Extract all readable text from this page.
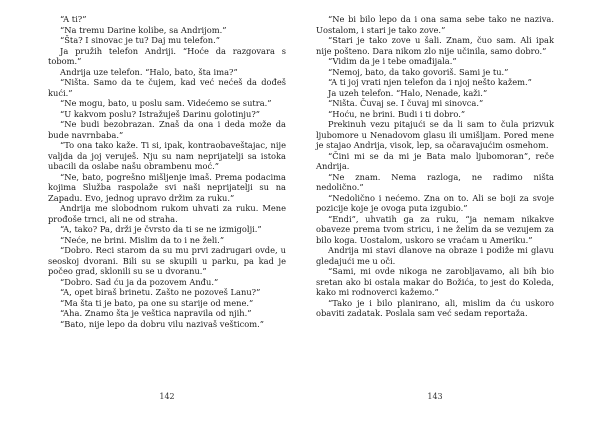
“A ti?”

“Na tremu Darine kolibe, sa Andrijom.”

“Šta? I sinovac je tu? Daj mu telefon.”

Ja pružih telefon Andriji. “Hoće da razgovara s tobom.”

Andrija uze telefon. “Halo, bato, šta ima?”

“Ništa. Samo da te čujem, kad već nećeš da dođeš kući.”

“Ne mogu, bato, u poslu sam. Videćemo se sutra.”

“U kakvom poslu? Istražuješ Darinu golotinju?”

“Ne budi bezobrazan. Znaš da ona i deda može da bude navrnbaba.”

“To ona tako kaže. Ti si, ipak, kontraobaveštajac, nije valjda da joj veruješ. Nju su nam neprijatelji sa istoka ubacili da oslabe našu obrambenu moć.”

“Ne, bato, pogrešno mišljenje imaš. Prema podacima kojima Služba raspolaže svi naši neprijatelji su na Zapadu. Evo, jednog upravo držim za ruku.”

Andrija me slobodnom rukom uhvati za ruku. Mene prođoše trnci, ali ne od straha.

“A, tako? Pa, drži je čvrsto da ti se ne izmigolji.”

“Neće, ne brini. Mislim da to i ne želi.”

“Dobro. Reci starom da su mu prvi zadrugari ovde, u seoskoj dvorani. Bili su se skupili u parku, pa kad je počeo grad, sklonili su se u dvoranu.”

“Dobro. Sad ću ja da pozovem Anđu.”

“A, opet biraš brinetu. Zašto ne pozoveš Lanu?”

“Ma šta ti je bato, pa one su starije od mene.”

“Aha. Znamo šta je veštica napravila od njih.”

“Bato, nije lepo da dobru vilu nazivaš vešticom.”

142

“Ne bi bilo lepo da i ona sama sebe tako ne naziva. Uostalom, i stari je tako zove.”

“Stari je tako zove u šali. Znam, čuo sam. Ali ipak nije pošteno. Dara nikom zlo nije učinila, samo dobro.”

“Vidim da je i tebe omađijala.”

“Nemoj, bato, da tako govoriš. Sami je tu.”

“A ti joj vrati njen telefon da i njoj nešto kažem.”

Ja uzeh telefon. “Halo, Nenade, kaži.”

“Ništa. Čuvaj se. I čuvaj mi sinovca.”

“Hoću, ne brini. Budi i ti dobro.”

Prekinuh vezu pitajući se da li sam to čula prizvuk ljubomore u Nenadovom glasu ili umišljam. Pored mene je stajao Andrija, visok, lep, sa očaravajućim osmehom.

“Čini mi se da mi je Bata malo ljubomoran”, reče Andrija.

“Ne znam. Nema razloga, ne radimo ništa nedolično.”

“Nedolično i nećemo. Zna on to. Ali se boji za svoje pozicije koje je ovoga puta izgubio.”

“Endi”, uhvatih ga za ruku, “ja nemam nikakve obaveze prema tvom stricu, i ne želim da se vezujem za bilo koga. Uostalom, uskoro se vraćam u Ameriku.”

Andrija mi stavi dlanove na obraze i podiže mi glavu gledajući me u oči.

“Sami, mi ovde nikoga ne zarobljavamo, ali bih bio sretan ako bi ostala makar do Božića, to jest do Koleda, kako mi rodnoverci kažemo.”

“Tako je i bilo planirano, ali, mislim da ću uskoro obaviti zadatak. Poslala sam već sedam reportaža.

143
